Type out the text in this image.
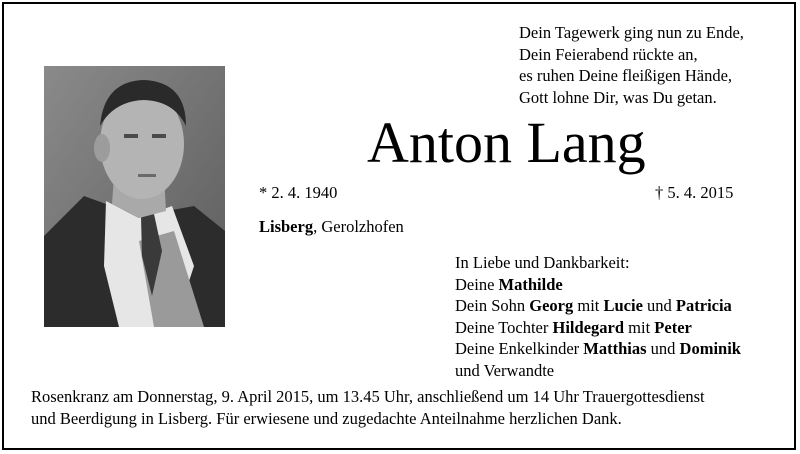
Dein Tagewerk ging nun zu Ende,
Dein Feierabend rückte an,
es ruhen Deine fleißigen Hände,
Gott lohne Dir, was Du getan.
Anton Lang
* 2. 4. 1940	† 5. 4. 2015
Lisberg, Gerolzhofen
In Liebe und Dankbarkeit:
Deine Mathilde
Dein Sohn Georg mit Lucie und Patricia
Deine Tochter Hildegard mit Peter
Deine Enkelkinder Matthias und Dominik
und Verwandte
Rosenkranz am Donnerstag, 9. April 2015, um 13.45 Uhr, anschließend um 14 Uhr Trauergottesdienst
und Beerdigung in Lisberg. Für erwiesene und zugedachte Anteilnahme herzlichen Dank.
